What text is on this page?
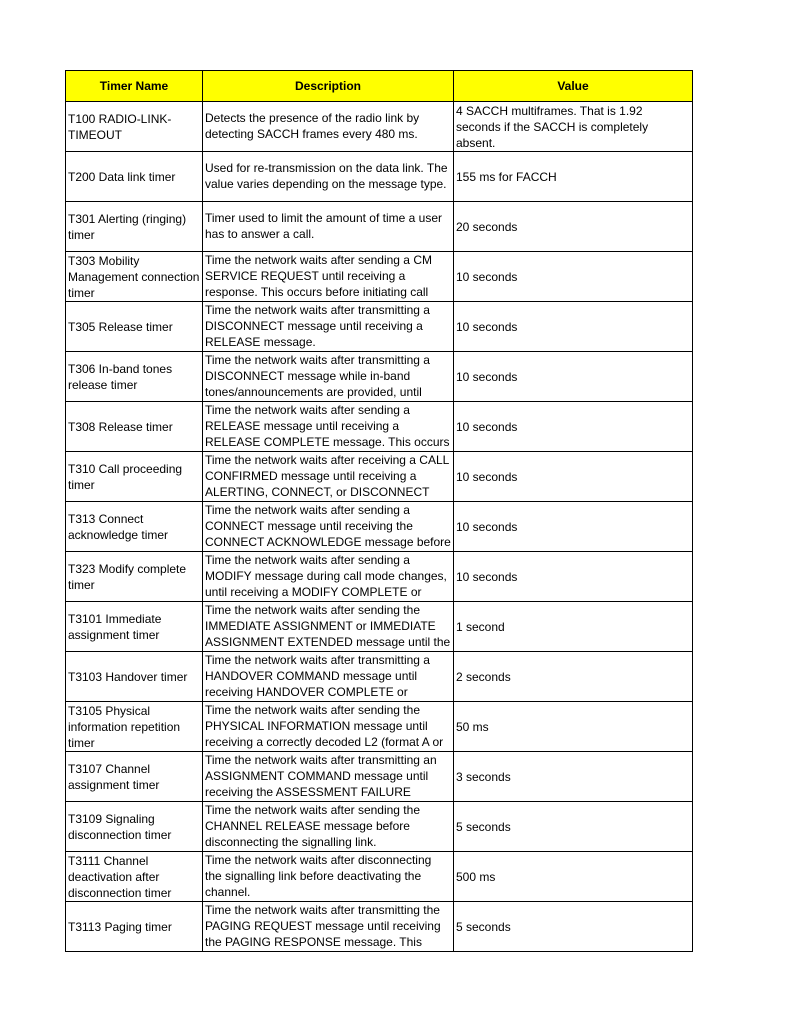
Timer Name	Description	Value

T100 RADIO-LINK-TIMEOUT	Detects the presence of the radio link by detecting SACCH frames every 480 ms.	4 SACCH multiframes. That is 1.92 seconds if the SACCH is completely absent.

T200 Data link timer	Used for re-transmission on the data link. The value varies depending on the message type.	155 ms for FACCH

T301 Alerting (ringing) timer	Timer used to limit the amount of time a user has to answer a call.	20 seconds

T303 Mobility Management connection timer	Time the network waits after sending a CM SERVICE REQUEST until receiving a response. This occurs before initiating call	10 seconds

T305 Release timer	Time the network waits after transmitting a DISCONNECT message until receiving a RELEASE message.	10 seconds

T306 In-band tones release timer	Time the network waits after transmitting a DISCONNECT message while in-band tones/announcements are provided, until	10 seconds

T308 Release timer	Time the network waits after sending a RELEASE message until receiving a RELEASE COMPLETE message. This occurs	10 seconds

T310 Call proceeding timer	Time the network waits after receiving a CALL CONFIRMED message until receiving a ALERTING, CONNECT, or DISCONNECT	10 seconds

T313 Connect acknowledge timer	Time the network waits after sending a CONNECT message until receiving the CONNECT ACKNOWLEDGE message before	10 seconds

T323 Modify complete timer	Time the network waits after sending a MODIFY message during call mode changes, until receiving a MODIFY COMPLETE or	10 seconds

T3101 Immediate assignment timer	Time the network waits after sending the IMMEDIATE ASSIGNMENT or IMMEDIATE ASSIGNMENT EXTENDED message until the	1 second

T3103 Handover timer	Time the network waits after transmitting a HANDOVER COMMAND message until receiving HANDOVER COMPLETE or	2 seconds

T3105 Physical information repetition timer	Time the network waits after sending the PHYSICAL INFORMATION message until receiving a correctly decoded L2 (format A or	50 ms

T3107 Channel assignment timer	Time the network waits after transmitting an ASSIGNMENT COMMAND message until receiving the ASSESSMENT FAILURE	3 seconds

T3109 Signaling disconnection timer	Time the network waits after sending the CHANNEL RELEASE message before disconnecting the signalling link.	5 seconds

T3111 Channel deactivation after disconnection timer	Time the network waits after disconnecting the signalling link before deactivating the channel.	500 ms

T3113 Paging timer	Time the network waits after transmitting the PAGING REQUEST message until receiving the PAGING RESPONSE message. This	5 seconds
